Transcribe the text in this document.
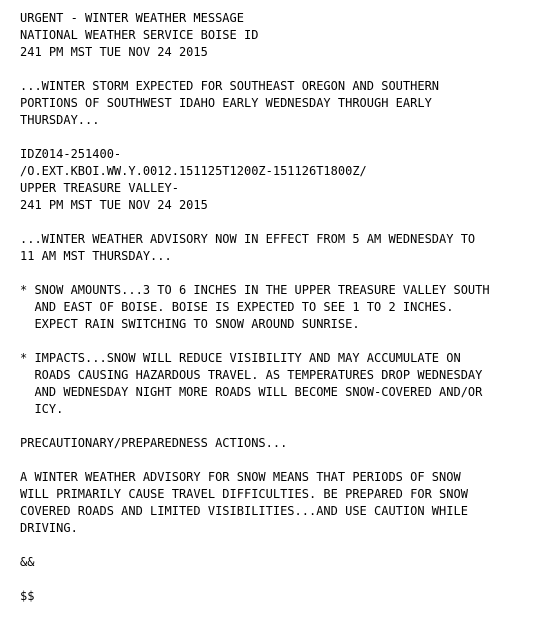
URGENT - WINTER WEATHER MESSAGE
NATIONAL WEATHER SERVICE BOISE ID
241 PM MST TUE NOV 24 2015
...WINTER STORM EXPECTED FOR SOUTHEAST OREGON AND SOUTHERN
PORTIONS OF SOUTHWEST IDAHO EARLY WEDNESDAY THROUGH EARLY
THURSDAY...
IDZ014-251400-
/O.EXT.KBOI.WW.Y.0012.151125T1200Z-151126T1800Z/
UPPER TREASURE VALLEY-
241 PM MST TUE NOV 24 2015
...WINTER WEATHER ADVISORY NOW IN EFFECT FROM 5 AM WEDNESDAY TO
11 AM MST THURSDAY...
* SNOW AMOUNTS...3 TO 6 INCHES IN THE UPPER TREASURE VALLEY SOUTH
AND EAST OF BOISE. BOISE IS EXPECTED TO SEE 1 TO 2 INCHES.
EXPECT RAIN SWITCHING TO SNOW AROUND SUNRISE.
* IMPACTS...SNOW WILL REDUCE VISIBILITY AND MAY ACCUMULATE ON
ROADS CAUSING HAZARDOUS TRAVEL. AS TEMPERATURES DROP WEDNESDAY
AND WEDNESDAY NIGHT MORE ROADS WILL BECOME SNOW-COVERED AND/OR
ICY.
PRECAUTIONARY/PREPAREDNESS ACTIONS...
A WINTER WEATHER ADVISORY FOR SNOW MEANS THAT PERIODS OF SNOW
WILL PRIMARILY CAUSE TRAVEL DIFFICULTIES. BE PREPARED FOR SNOW
COVERED ROADS AND LIMITED VISIBILITIES...AND USE CAUTION WHILE
DRIVING.
&&
$$
